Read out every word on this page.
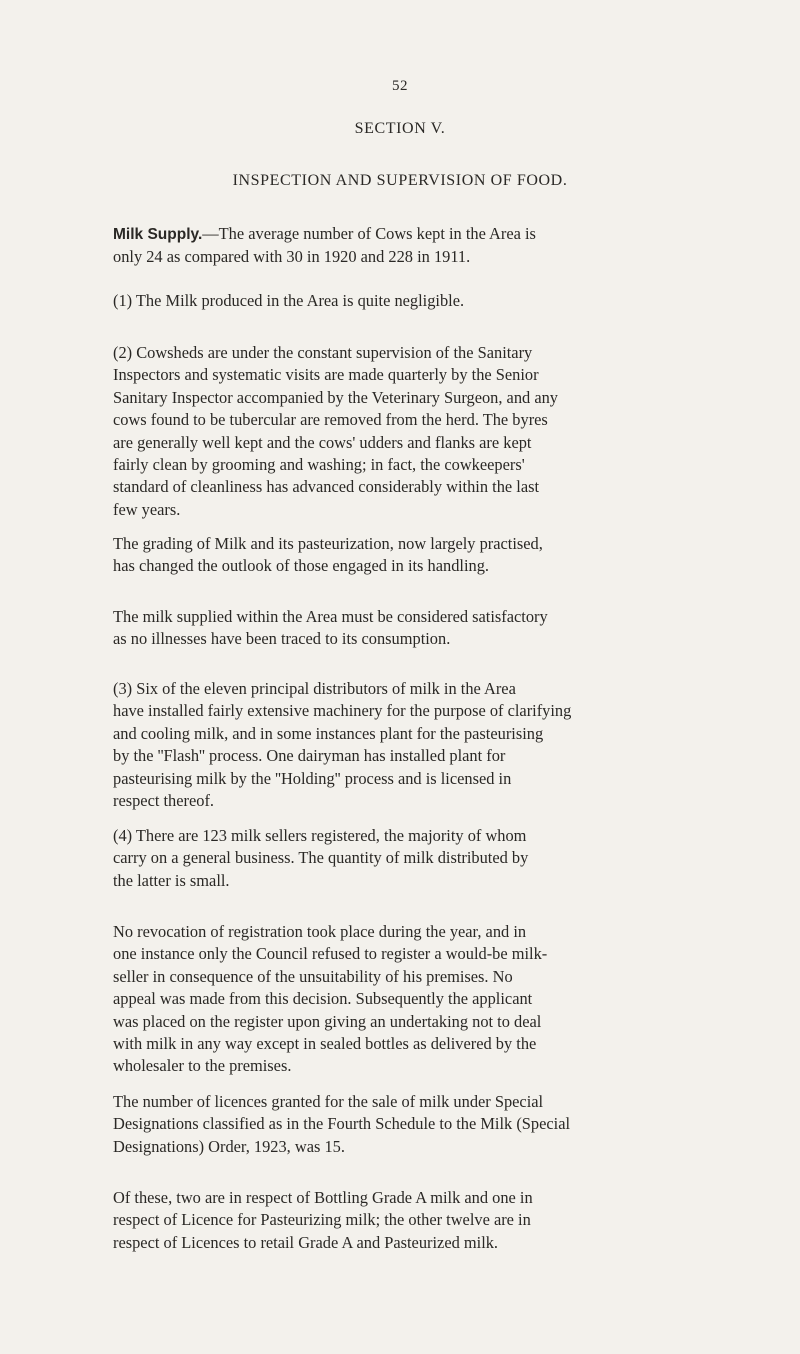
52
SECTION V.
INSPECTION AND SUPERVISION OF FOOD.

Milk Supply.—The average number of Cows kept in the Area is
only 24 as compared with 30 in 1920 and 228 in 1911.

(1) The Milk produced in the Area is quite negligible.

(2) Cowsheds are under the constant supervision of the Sanitary
Inspectors and systematic visits are made quarterly by the Senior
Sanitary Inspector accompanied by the Veterinary Surgeon, and any
cows found to be tubercular are removed from the herd. The byres
are generally well kept and the cows' udders and flanks are kept
fairly clean by grooming and washing; in fact, the cowkeepers'
standard of cleanliness has advanced considerably within the last
few years.

The grading of Milk and its pasteurization, now largely practised,
has changed the outlook of those engaged in its handling.

The milk supplied within the Area must be considered satisfactory
as no illnesses have been traced to its consumption.

(3) Six of the eleven principal distributors of milk in the Area
have installed fairly extensive machinery for the purpose of clarifying
and cooling milk, and in some instances plant for the pasteurising
by the ''Flash'' process. One dairyman has installed plant for
pasteurising milk by the ''Holding'' process and is licensed in
respect thereof.

(4) There are 123 milk sellers registered, the majority of whom
carry on a general business. The quantity of milk distributed by
the latter is small.

No revocation of registration took place during the year, and in
one instance only the Council refused to register a would-be milk-
seller in consequence of the unsuitability of his premises. No
appeal was made from this decision. Subsequently the applicant
was placed on the register upon giving an undertaking not to deal
with milk in any way except in sealed bottles as delivered by the
wholesaler to the premises.

The number of licences granted for the sale of milk under Special
Designations classified as in the Fourth Schedule to the Milk (Special
Designations) Order, 1923, was 15.

Of these, two are in respect of Bottling Grade A milk and one in
respect of Licence for Pasteurizing milk; the other twelve are in
respect of Licences to retail Grade A and Pasteurized milk.
